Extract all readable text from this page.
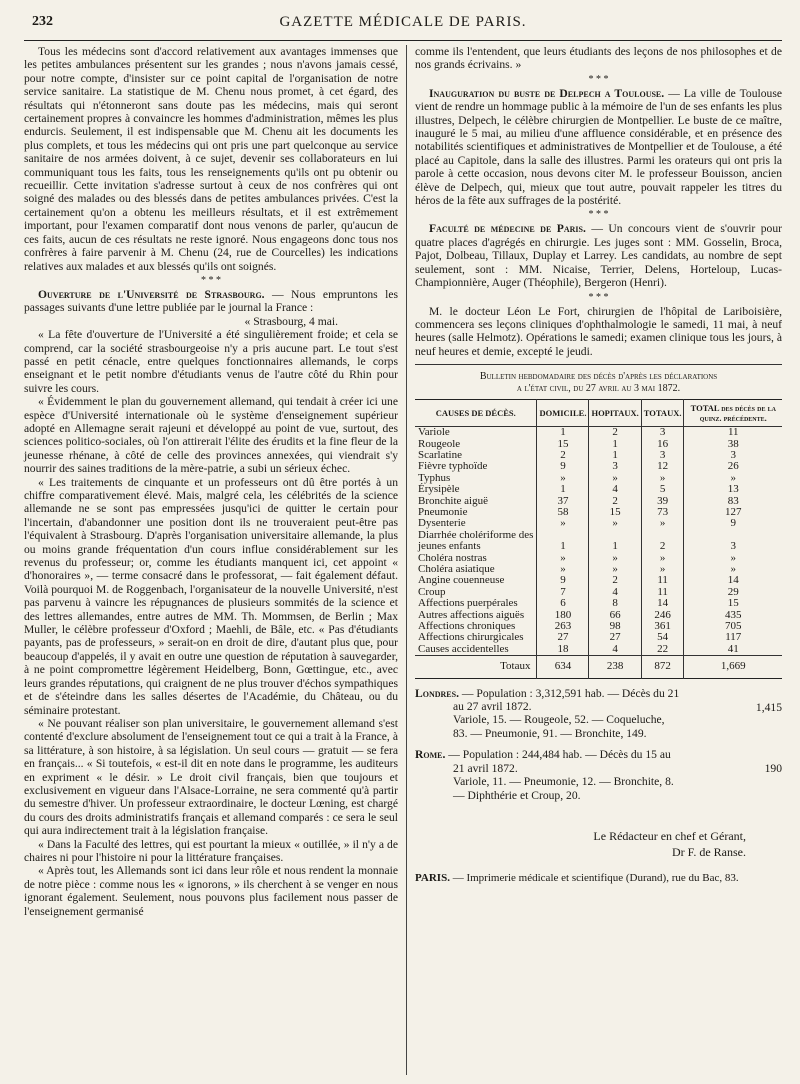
232	GAZETTE MÉDICALE DE PARIS.

Tous les médecins sont d'accord relativement aux avantages immenses que les petites ambulances présentent sur les grandes ; nous n'avons jamais cessé, pour notre compte, d'insister sur ce point capital de l'organisation de notre service sanitaire. La statistique de M. Chenu nous promet, à cet égard, des résultats qui n'étonneront sans doute pas les médecins, mais qui seront certainement propres à convaincre les hommes d'administration, mêmes les plus endurcis. Seulement, il est indispensable que M. Chenu ait les documents les plus complets, et tous les médecins qui ont pris une part quelconque au service sanitaire de nos armées doivent, à ce sujet, devenir ses collaborateurs en lui communiquant tous les faits, tous les renseignements qu'ils ont pu obtenir ou recueillir. Cette invitation s'adresse surtout à ceux de nos confrères qui ont soigné des malades ou des blessés dans de petites ambulances privées. C'est la certainement qu'on a obtenu les meilleurs résultats, et il est extrêmement important, pour l'examen comparatif dont nous venons de parler, qu'aucun de ces faits, aucun de ces résultats ne reste ignoré. Nous engageons donc tous nos confrères à faire parvenir à M. Chenu (24, rue de Courcelles) les indications relatives aux malades et aux blessés qu'ils ont soignés.

* * *

Ouverture de l'Université de Strasbourg. — Nous empruntons les passages suivants d'une lettre publiée par le journal la France :

« Strasbourg, 4 mai.

« La fête d'ouverture de l'Université a été singulièrement froide; et cela se comprend, car la société strasbourgeoise n'y a pris aucune part. Le tout s'est passé en petit cénacle, entre quelques fonctionnaires allemands, le corps enseignant et le petit nombre d'étudiants venus de l'autre côté du Rhin pour suivre les cours.

« Évidemment le plan du gouvernement allemand, qui tendait à créer ici une espèce d'Université internationale où le système d'enseignement supérieur adopté en Allemagne serait rajeuni et développé au point de vue, surtout, des sciences politico-sociales, où l'on attirerait l'élite des érudits et la fine fleur de la jeunesse rhénane, à côté de celle des provinces annexées, qui viendrait s'y nourrir des saines traditions de la mère-patrie, a subi un sérieux échec.

« Les traitements de cinquante et un professeurs ont dû être portés à un chiffre comparativement élevé. Mais, malgré cela, les célébrités de la science allemande ne se sont pas empressées jusqu'ici de quitter le certain pour l'incertain, d'abandonner une position dont ils ne trouveraient peut-être pas l'équivalent à Strasbourg. D'après l'organisation universitaire allemande, la plus ou moins grande fréquentation d'un cours influe considérablement sur les revenus du professeur; or, comme les étudiants manquent ici, cet appoint « d'honoraires », — terme consacré dans le professorat, — fait également défaut. Voilà pourquoi M. de Roggenbach, l'organisateur de la nouvelle Université, n'est pas parvenu à vaincre les répugnances de plusieurs sommités de la science et des lettres allemandes, entre autres de MM. Th. Mommsen, de Berlin ; Max Muller, le célèbre professeur d'Oxford ; Maehli, de Bâle, etc. « Pas d'étudiants payants, pas de professeurs, » serait-on en droit de dire, d'autant plus que, pour beaucoup d'appelés, il y avait en outre une question de réputation à sauvegarder, à ne point compromettre légèrement Heidelberg, Bonn, Gœttingue, etc., avec leurs grandes réputations, qui craignent de ne plus trouver d'échos sympathiques et de s'éteindre dans les salles désertes de l'Académie, du Château, ou du séminaire protestant.

« Ne pouvant réaliser son plan universitaire, le gouvernement allemand s'est contenté d'exclure absolument de l'enseignement tout ce qui a trait à la France, à sa littérature, à son histoire, à sa législation. Un seul cours — gratuit — se fera en français... « Si toutefois, « est-il dit en note dans le programme, les auditeurs en expriment « le désir. » Le droit civil français, bien que toujours et exclusivement en vigueur dans l'Alsace-Lorraine, ne sera commenté qu'à partir du semestre d'hiver. Un professeur extraordinaire, le docteur Lœning, est chargé du cours des droits administratifs français et allemand comparés : ce sera le seul qui aura indirectement trait à la législation française.

« Dans la Faculté des lettres, qui est pourtant la mieux « outillée, » il n'y a de chaires ni pour l'histoire ni pour la littérature françaises.

« Après tout, les Allemands sont ici dans leur rôle et nous rendent la monnaie de notre pièce : comme nous les « ignorons, » ils cherchent à se venger en nous ignorant également. Seulement, nous pouvons plus facilement nous passer de l'enseignement germanisé

comme ils l'entendent, que leurs étudiants des leçons de nos philosophes et de nos grands écrivains. »

* * *

Inauguration du buste de Delpech a Toulouse. — La ville de Toulouse vient de rendre un hommage public à la mémoire de l'un de ses enfants les plus illustres, Delpech, le célèbre chirurgien de Montpellier. Le buste de ce maître, inauguré le 5 mai, au milieu d'une affluence considérable, et en présence des notabilités scientifiques et administratives de Montpellier et de Toulouse, a été placé au Capitole, dans la salle des illustres. Parmi les orateurs qui ont pris la parole à cette occasion, nous devons citer M. le professeur Bouisson, ancien élève de Delpech, qui, mieux que tout autre, pouvait rappeler les titres du héros de la fête aux suffrages de la postérité.

* * *

Faculté de médecine de Paris. — Un concours vient de s'ouvrir pour quatre places d'agrégés en chirurgie. Les juges sont : MM. Gosselin, Broca, Pajot, Dolbeau, Tillaux, Duplay et Larrey. Les candidats, au nombre de sept seulement, sont : MM. Nicaise, Terrier, Delens, Horteloup, Lucas-Championnière, Auger (Théophile), Bergeron (Henri).

* * *

M. le docteur Léon Le Fort, chirurgien de l'hôpital de Lariboisière, commencera ses leçons cliniques d'ophthalmologie le samedi, 11 mai, à neuf heures (salle Helmotz). Opérations le samedi; examen clinique tous les jours, à neuf heures et demie, excepté le jeudi.

Bulletin hebdomadaire des décès d'après les déclarations
a l'état civil, du 27 avril au 3 mai 1872.
CAUSES DE DÉCÈS.	DOMICILE.	HOPITAUX.	TOTAUX.	TOTAL des décès de la quinz. précédente.
Variole	1	2	3	11
Rougeole	15	1	16	38
Scarlatine	2	1	3	3
Fièvre typhoïde	9	3	12	26
Typhus	»	»	»	»
Érysipèle	1	4	5	13
Bronchite aiguë	37	2	39	83
Pneumonie	58	15	73	127
Dysenterie	»	»	»	9
Diarrhée cholériforme des				
jeunes enfants	1	1	2	3
Choléra nostras	»	»	»	»
Choléra asiatique	»	»	»	»
Angine couenneuse	9	2	11	14
Croup	7	4	11	29
Affections puerpérales	6	8	14	15
Autres affections aiguës	180	66	246	435
Affections chroniques	263	98	361	705
Affections chirurgicales	27	27	54	117
Causes accidentelles	18	4	22	41
Totaux	634	238	872	1,669
Londres. — Population : 3,312,591 hab. — Décès du 21
au 27 avril 1872.	1,415
Variole, 15. — Rougeole, 52. — Coqueluche,
83. — Pneumonie, 91. — Bronchite, 149.
Rome. — Population : 244,484 hab. — Décès du 15 au
21 avril 1872.	190
Variole, 11. — Pneumonie, 12. — Bronchite, 8.
— Diphthérie et Croup, 20.
Le Rédacteur en chef et Gérant,
Dr F. de Ranse.
PARIS. — Imprimerie médicale et scientifique (Durand), rue du Bac, 83.
